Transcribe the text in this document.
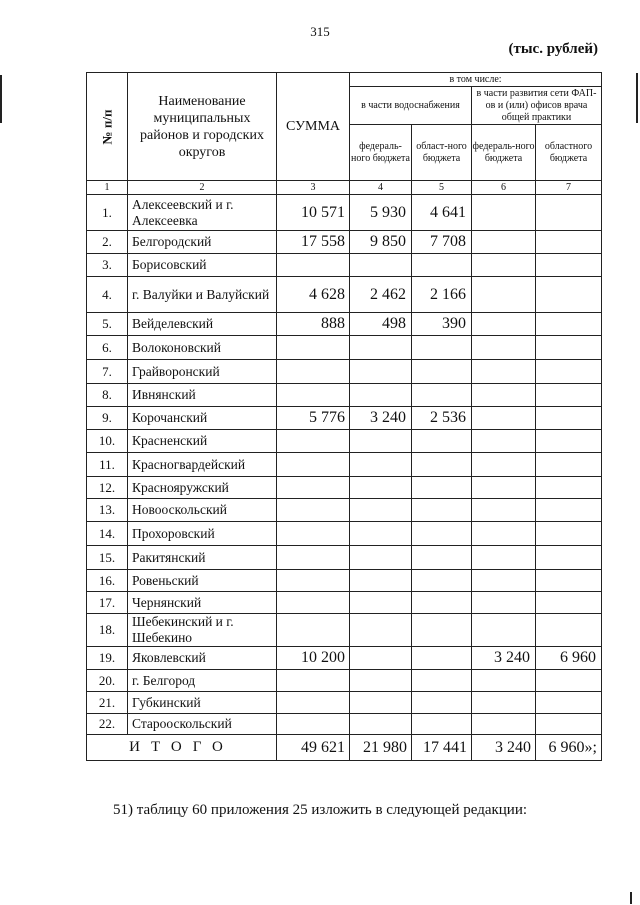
315
(тыс. рублей)
№ п/п	Наименование муниципальных районов и городских округов	СУММА	в том числе:			
			в части водоснабжения		в части развития сети ФАП-ов и (или) офисов врача общей практики	
			федераль-ного бюджета	област-ного бюджета	федераль-ного бюджета	областного бюджета
1	2	3	4	5	6	7
1.	Алексеевский и г. Алексеевка	10 571	5 930	4 641		
2.	Белгородский	17 558	9 850	7 708		
3.	Борисовский					
4.	г. Валуйки и Валуйский	4 628	2 462	2 166		
5.	Вейделевский	888	498	390		
6.	Волоконовский					
7.	Грайворонский					
8.	Ивнянский					
9.	Корочанский	5 776	3 240	2 536		
10.	Красненский					
11.	Красногвардейский					
12.	Краснояружский					
13.	Новооскольский					
14.	Прохоровский					
15.	Ракитянский					
16.	Ровеньский					
17.	Чернянский					
18.	Шебекинский и г. Шебекино					
19.	Яковлевский	10 200			3 240	6 960
20.	г. Белгород					
21.	Губкинский					
22.	Старооскольский					
ИТОГО		49 621	21 980	17 441	3 240	6 960»;
51) таблицу 60 приложения 25 изложить в следующей редакции:
